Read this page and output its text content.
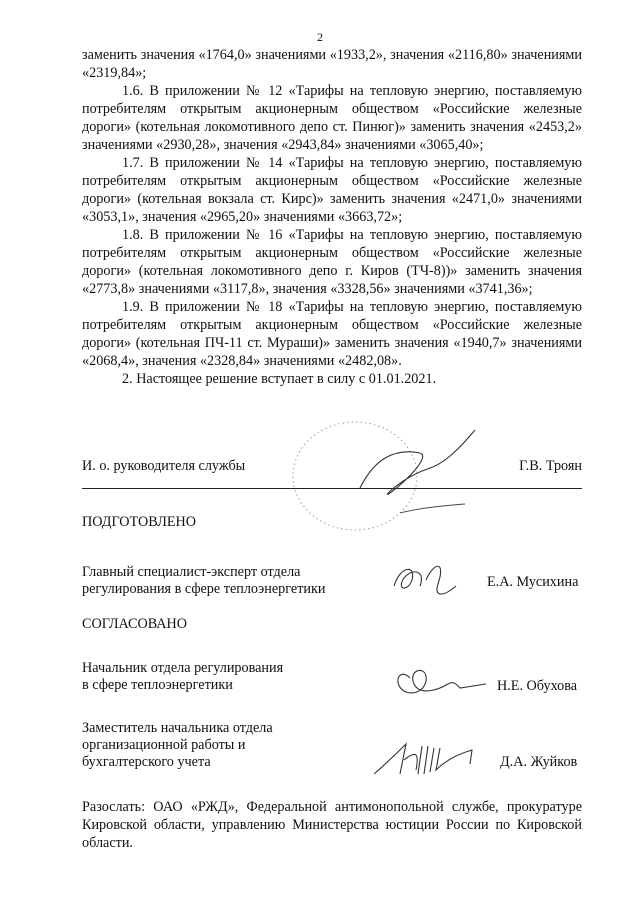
2

заменить значения «1764,0» значениями «1933,2», значения «2116,80» значениями «2319,84»;

1.6. В приложении № 12 «Тарифы на тепловую энергию, поставляемую потребителям открытым акционерным обществом «Российские железные дороги» (котельная локомотивного депо ст. Пинюг)» заменить значения «2453,2» значениями «2930,28», значения «2943,84» значениями «3065,40»;

1.7. В приложении № 14 «Тарифы на тепловую энергию, поставляемую потребителям открытым акционерным обществом «Российские железные дороги» (котельная вокзала ст. Кирс)» заменить значения «2471,0» значениями «3053,1», значения «2965,20» значениями «3663,72»;

1.8. В приложении № 16 «Тарифы на тепловую энергию, поставляемую потребителям открытым акционерным обществом «Российские железные дороги» (котельная локомотивного депо г. Киров (ТЧ-8))» заменить значения «2773,8» значениями «3117,8», значения «3328,56» значениями «3741,36»;

1.9. В приложении № 18 «Тарифы на тепловую энергию, поставляемую потребителям открытым акционерным обществом «Российские железные дороги» (котельная ПЧ-11 ст. Мураши)» заменить значения «1940,7» значениями «2068,4», значения «2328,84» значениями «2482,08».

2. Настоящее решение вступает в силу с 01.01.2021.

И. о. руководителя службы	Г.В. Троян
ПОДГОТОВЛЕНО
Главный специалист-эксперт отдела
регулирования в сфере теплоэнергетики	Е.А. Мусихина
СОГЛАСОВАНО
Начальник отдела регулирования
в сфере теплоэнергетики	Н.Е. Обухова
Заместитель начальника отдела
организационной работы и
бухгалтерского учета	Д.А. Жуйков
Разослать: ОАО «РЖД», Федеральной антимонопольной службе, прокуратуре Кировской области, управлению Министерства юстиции России по Кировской области.
